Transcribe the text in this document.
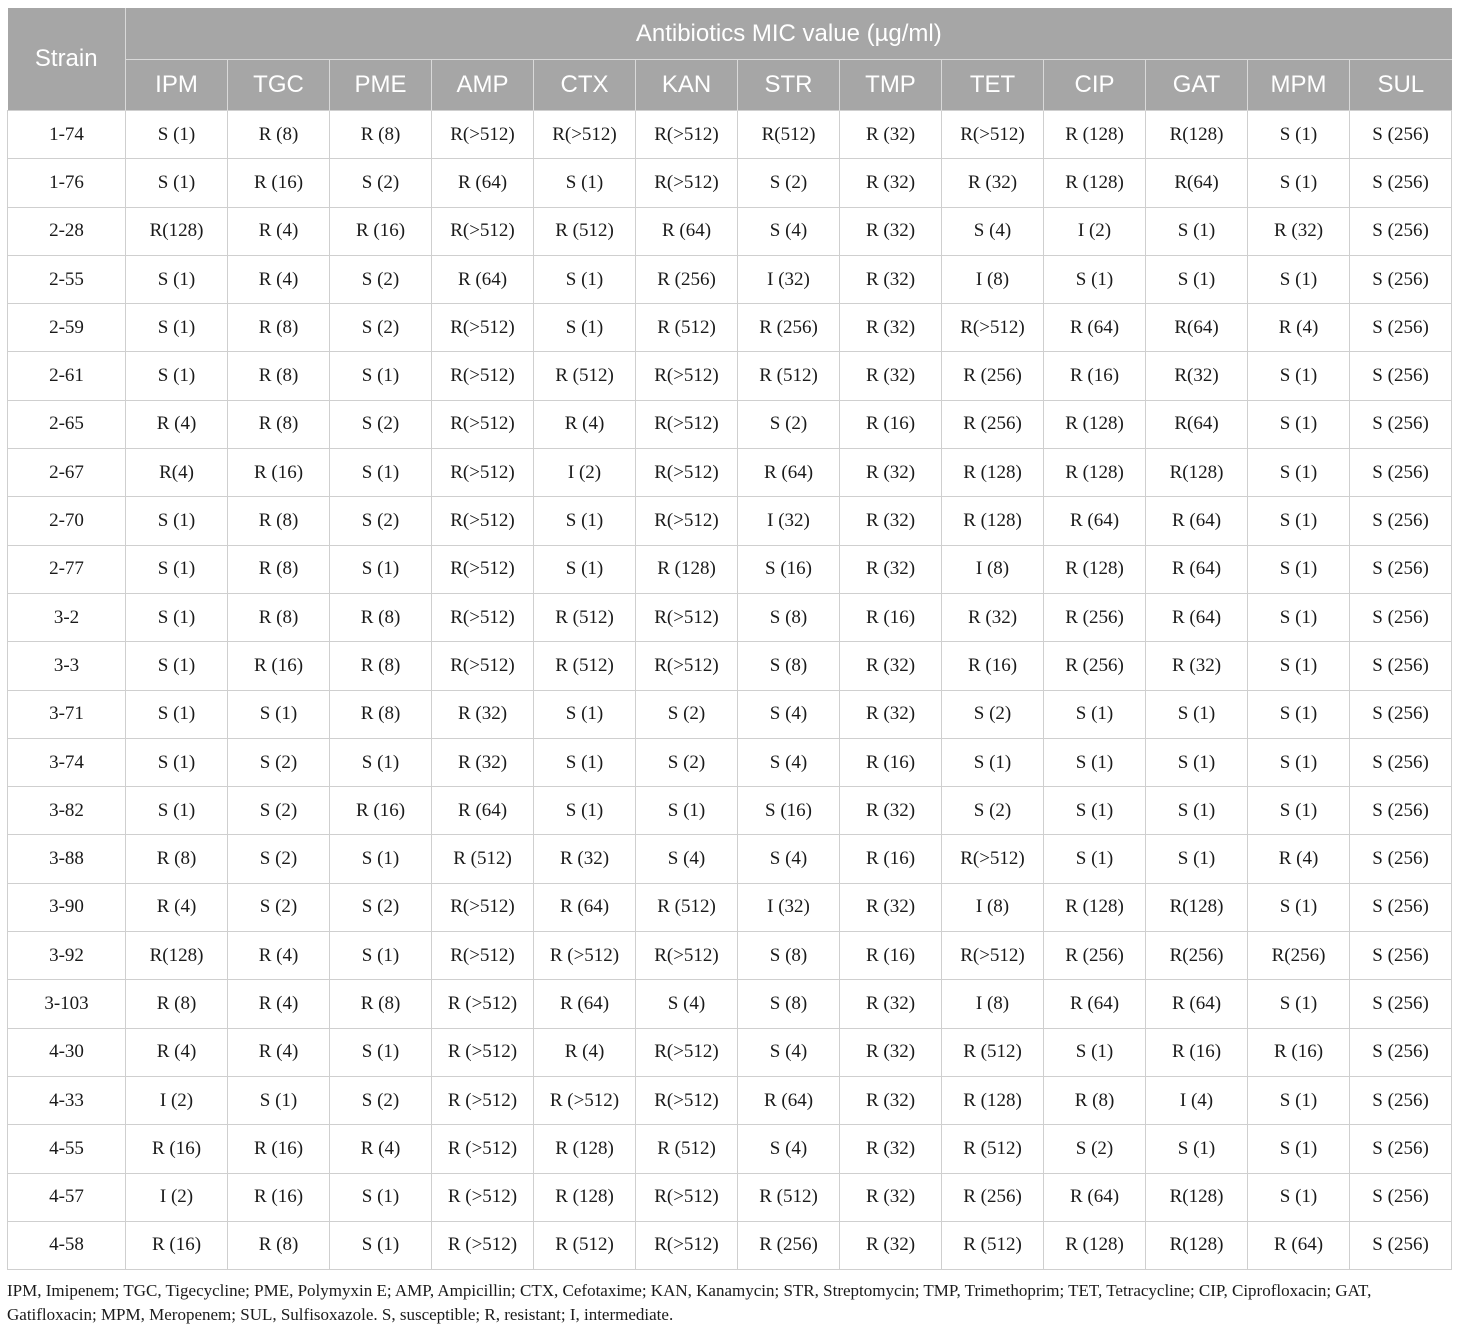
Strain	Antibiotics MIC value (µg/ml)												
	IPM	TGC	PME	AMP	CTX	KAN	STR	TMP	TET	CIP	GAT	MPM	SUL
1-74	S (1)	R (8)	R (8)	R(>512)	R(>512)	R(>512)	R(512)	R (32)	R(>512)	R (128)	R(128)	S (1)	S (256)
1-76	S (1)	R (16)	S (2)	R (64)	S (1)	R(>512)	S (2)	R (32)	R (32)	R (128)	R(64)	S (1)	S (256)
2-28	R(128)	R (4)	R (16)	R(>512)	R (512)	R (64)	S (4)	R (32)	S (4)	I (2)	S (1)	R (32)	S (256)
2-55	S (1)	R (4)	S (2)	R (64)	S (1)	R (256)	I (32)	R (32)	I (8)	S (1)	S (1)	S (1)	S (256)
2-59	S (1)	R (8)	S (2)	R(>512)	S (1)	R (512)	R (256)	R (32)	R(>512)	R (64)	R(64)	R (4)	S (256)
2-61	S (1)	R (8)	S (1)	R(>512)	R (512)	R(>512)	R (512)	R (32)	R (256)	R (16)	R(32)	S (1)	S (256)
2-65	R (4)	R (8)	S (2)	R(>512)	R (4)	R(>512)	S (2)	R (16)	R (256)	R (128)	R(64)	S (1)	S (256)
2-67	R(4)	R (16)	S (1)	R(>512)	I (2)	R(>512)	R (64)	R (32)	R (128)	R (128)	R(128)	S (1)	S (256)
2-70	S (1)	R (8)	S (2)	R(>512)	S (1)	R(>512)	I (32)	R (32)	R (128)	R (64)	R (64)	S (1)	S (256)
2-77	S (1)	R (8)	S (1)	R(>512)	S (1)	R (128)	S (16)	R (32)	I (8)	R (128)	R (64)	S (1)	S (256)
3-2	S (1)	R (8)	R (8)	R(>512)	R (512)	R(>512)	S (8)	R (16)	R (32)	R (256)	R (64)	S (1)	S (256)
3-3	S (1)	R (16)	R (8)	R(>512)	R (512)	R(>512)	S (8)	R (32)	R (16)	R (256)	R (32)	S (1)	S (256)
3-71	S (1)	S (1)	R (8)	R (32)	S (1)	S (2)	S (4)	R (32)	S (2)	S (1)	S (1)	S (1)	S (256)
3-74	S (1)	S (2)	S (1)	R (32)	S (1)	S (2)	S (4)	R (16)	S (1)	S (1)	S (1)	S (1)	S (256)
3-82	S (1)	S (2)	R (16)	R (64)	S (1)	S (1)	S (16)	R (32)	S (2)	S (1)	S (1)	S (1)	S (256)
3-88	R (8)	S (2)	S (1)	R (512)	R (32)	S (4)	S (4)	R (16)	R(>512)	S (1)	S (1)	R (4)	S (256)
3-90	R (4)	S (2)	S (2)	R(>512)	R (64)	R (512)	I (32)	R (32)	I (8)	R (128)	R(128)	S (1)	S (256)
3-92	R(128)	R (4)	S (1)	R(>512)	R (>512)	R(>512)	S (8)	R (16)	R(>512)	R (256)	R(256)	R(256)	S (256)
3-103	R (8)	R (4)	R (8)	R (>512)	R (64)	S (4)	S (8)	R (32)	I (8)	R (64)	R (64)	S (1)	S (256)
4-30	R (4)	R (4)	S (1)	R (>512)	R (4)	R(>512)	S (4)	R (32)	R (512)	S (1)	R (16)	R (16)	S (256)
4-33	I (2)	S (1)	S (2)	R (>512)	R (>512)	R(>512)	R (64)	R (32)	R (128)	R (8)	I (4)	S (1)	S (256)
4-55	R (16)	R (16)	R (4)	R (>512)	R (128)	R (512)	S (4)	R (32)	R (512)	S (2)	S (1)	S (1)	S (256)
4-57	I (2)	R (16)	S (1)	R (>512)	R (128)	R(>512)	R (512)	R (32)	R (256)	R (64)	R(128)	S (1)	S (256)
4-58	R (16)	R (8)	S (1)	R (>512)	R (512)	R(>512)	R (256)	R (32)	R (512)	R (128)	R(128)	R (64)	S (256)
IPM, Imipenem; TGC, Tigecycline; PME, Polymyxin E; AMP, Ampicillin; CTX, Cefotaxime; KAN, Kanamycin; STR, Streptomycin; TMP, Trimethoprim; TET, Tetracycline; CIP, Ciprofloxacin; GAT, Gatifloxacin; MPM, Meropenem; SUL, Sulfisoxazole. S, susceptible; R, resistant; I, intermediate.
